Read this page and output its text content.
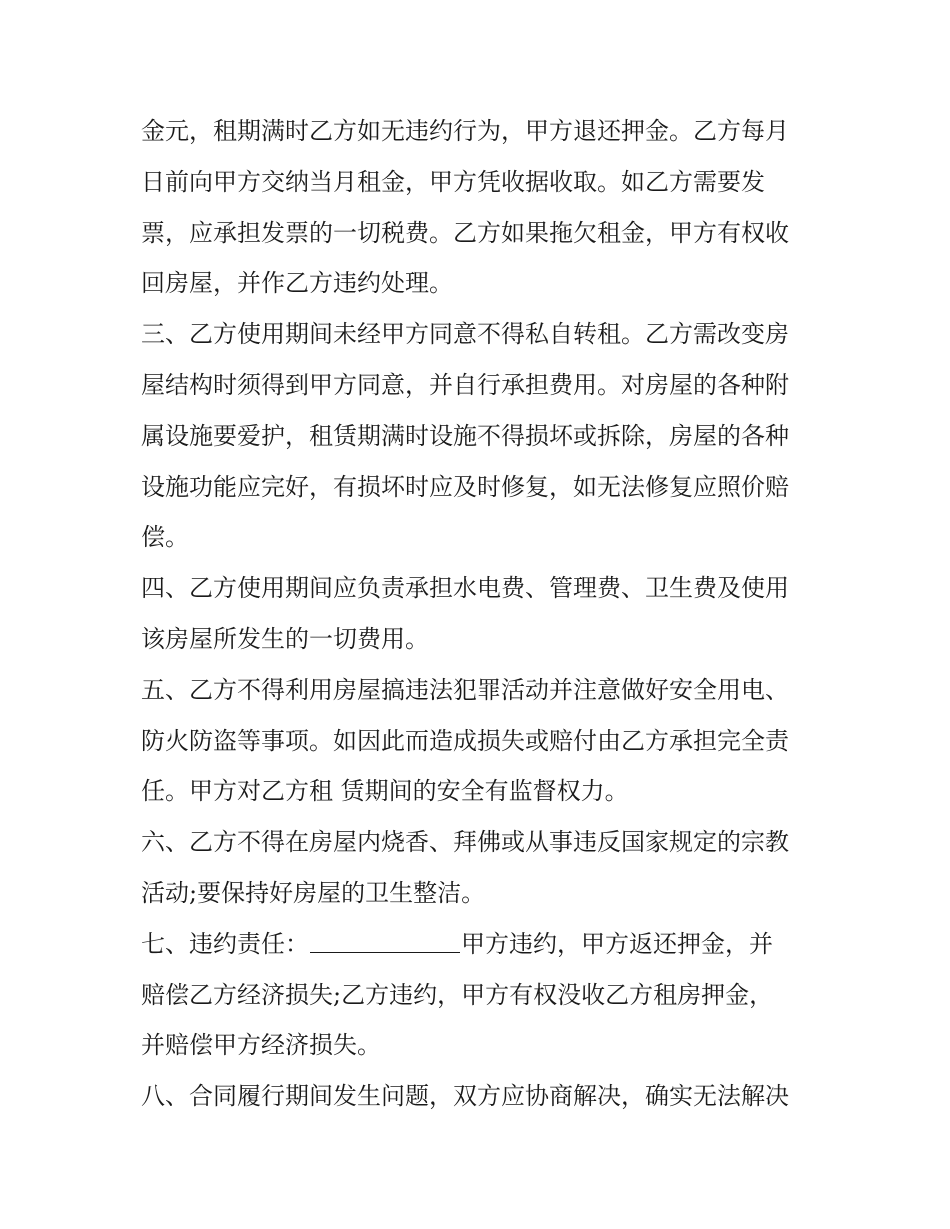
金元，租期满时乙方如无违约行为，甲方退还押金。乙方每月
日前向甲方交纳当月租金，甲方凭收据收取。如乙方需要发
票，应承担发票的一切税费。乙方如果拖欠租金，甲方有权收
回房屋，并作乙方违约处理。
三、乙方使用期间未经甲方同意不得私自转租。乙方需改变房
屋结构时须得到甲方同意，并自行承担费用。对房屋的各种附
属设施要爱护，租赁期满时设施不得损坏或拆除，房屋的各种
设施功能应完好，有损坏时应及时修复，如无法修复应照价赔
偿。
四、乙方使用期间应负责承担水电费、管理费、卫生费及使用
该房屋所发生的一切费用。
五、乙方不得利用房屋搞违法犯罪活动并注意做好安全用电、
防火防盗等事项。如因此而造成损失或赔付由乙方承担完全责
任。甲方对乙方租 赁期间的安全有监督权力。
六、乙方不得在房屋内烧香、拜佛或从事违反国家规定的宗教
活动;要保持好房屋的卫生整洁。
七、违约责任：	甲方违约，甲方返还押金，并
赔偿乙方经济损失;乙方违约，甲方有权没收乙方租房押金，
并赔偿甲方经济损失。
八、合同履行期间发生问题，双方应协商解决，确实无法解决
